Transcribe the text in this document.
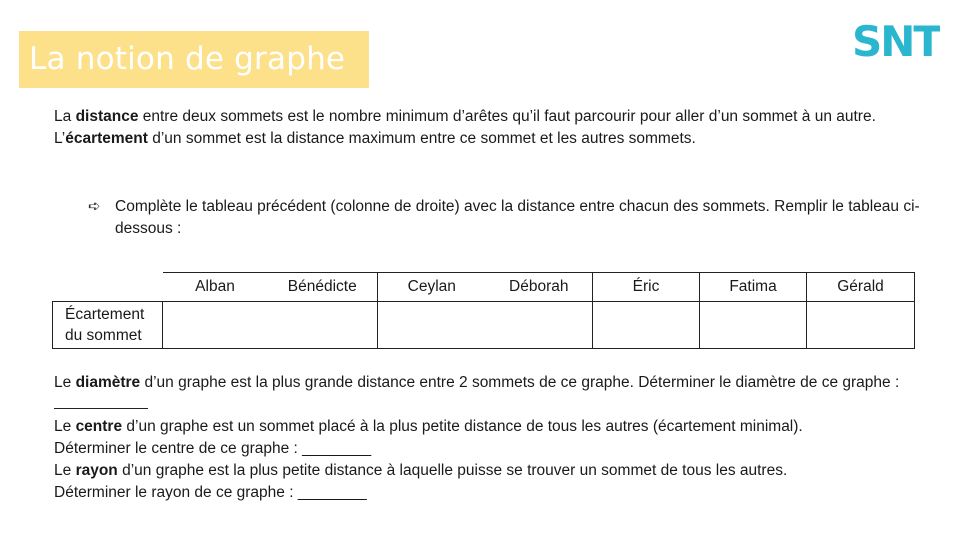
La notion de graphe	SNT
La distance entre deux sommets est le nombre minimum d’arêtes qu’il faut parcourir pour aller d’un sommet à un autre.
L’écartement d’un sommet est la distance maximum entre ce sommet et les autres sommets.
➪ Complète le tableau précédent (colonne de droite) avec la distance entre chacun des sommets. Remplir le tableau ci-dessous :
	Alban	Bénédicte	Ceylan	Déborah	Éric	Fatima	Gérald
Écartement
du sommet							
Le diamètre d’un graphe est la plus grande distance entre 2 sommets de ce graphe. Déterminer le diamètre de ce graphe :
Le centre d’un graphe est un sommet placé à la plus petite distance de tous les autres (écartement minimal).
Déterminer le centre de ce graphe : ________
Le rayon d’un graphe est la plus petite distance à laquelle puisse se trouver un sommet de tous les autres.
Déterminer le rayon de ce graphe : ________
